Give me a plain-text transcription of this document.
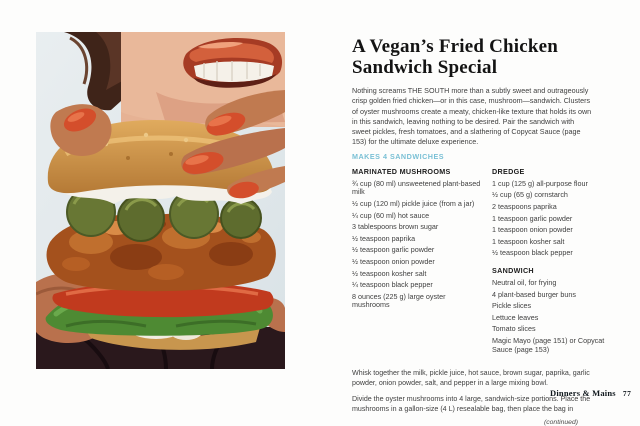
A Vegan’s Fried Chicken
Sandwich Special

Nothing screams THE SOUTH more than a subtly sweet and outrageously crisp golden fried chicken—or in this case, mushroom—sandwich. Clusters of oyster mushrooms create a meaty, chicken-like texture that holds its own in this sandwich, leaving nothing to be desired. Pair the sandwich with sweet pickles, fresh tomatoes, and a slathering of Copycat Sauce (page 153) for the ultimate deluxe experience.

MAKES 4 SANDWICHES

MARINATED MUSHROOMS
¾ cup (80 ml) unsweetened plant-based milk
½ cup (120 ml) pickle juice (from a jar)
¼ cup (60 ml) hot sauce
3 tablespoons brown sugar
½ teaspoon paprika
½ teaspoon garlic powder
½ teaspoon onion powder
½ teaspoon kosher salt
¼ teaspoon black pepper
8 ounces (225 g) large oyster mushrooms
DREDGE
1 cup (125 g) all-purpose flour
½ cup (65 g) cornstarch
2 teaspoons paprika
1 teaspoon garlic powder
1 teaspoon onion powder
1 teaspoon kosher salt
½ teaspoon black pepper
SANDWICH
Neutral oil, for frying
4 plant-based burger buns
Pickle slices
Lettuce leaves
Tomato slices
Magic Mayo (page 151) or Copycat Sauce (page 153)

Whisk together the milk, pickle juice, hot sauce, brown sugar, paprika, garlic powder, onion powder, salt, and pepper in a large mixing bowl.

Divide the oyster mushrooms into 4 large, sandwich-size portions. Place the mushrooms in a gallon-size (4 L) resealable bag, then place the bag in

(continued)

Dinners & Mains 77
